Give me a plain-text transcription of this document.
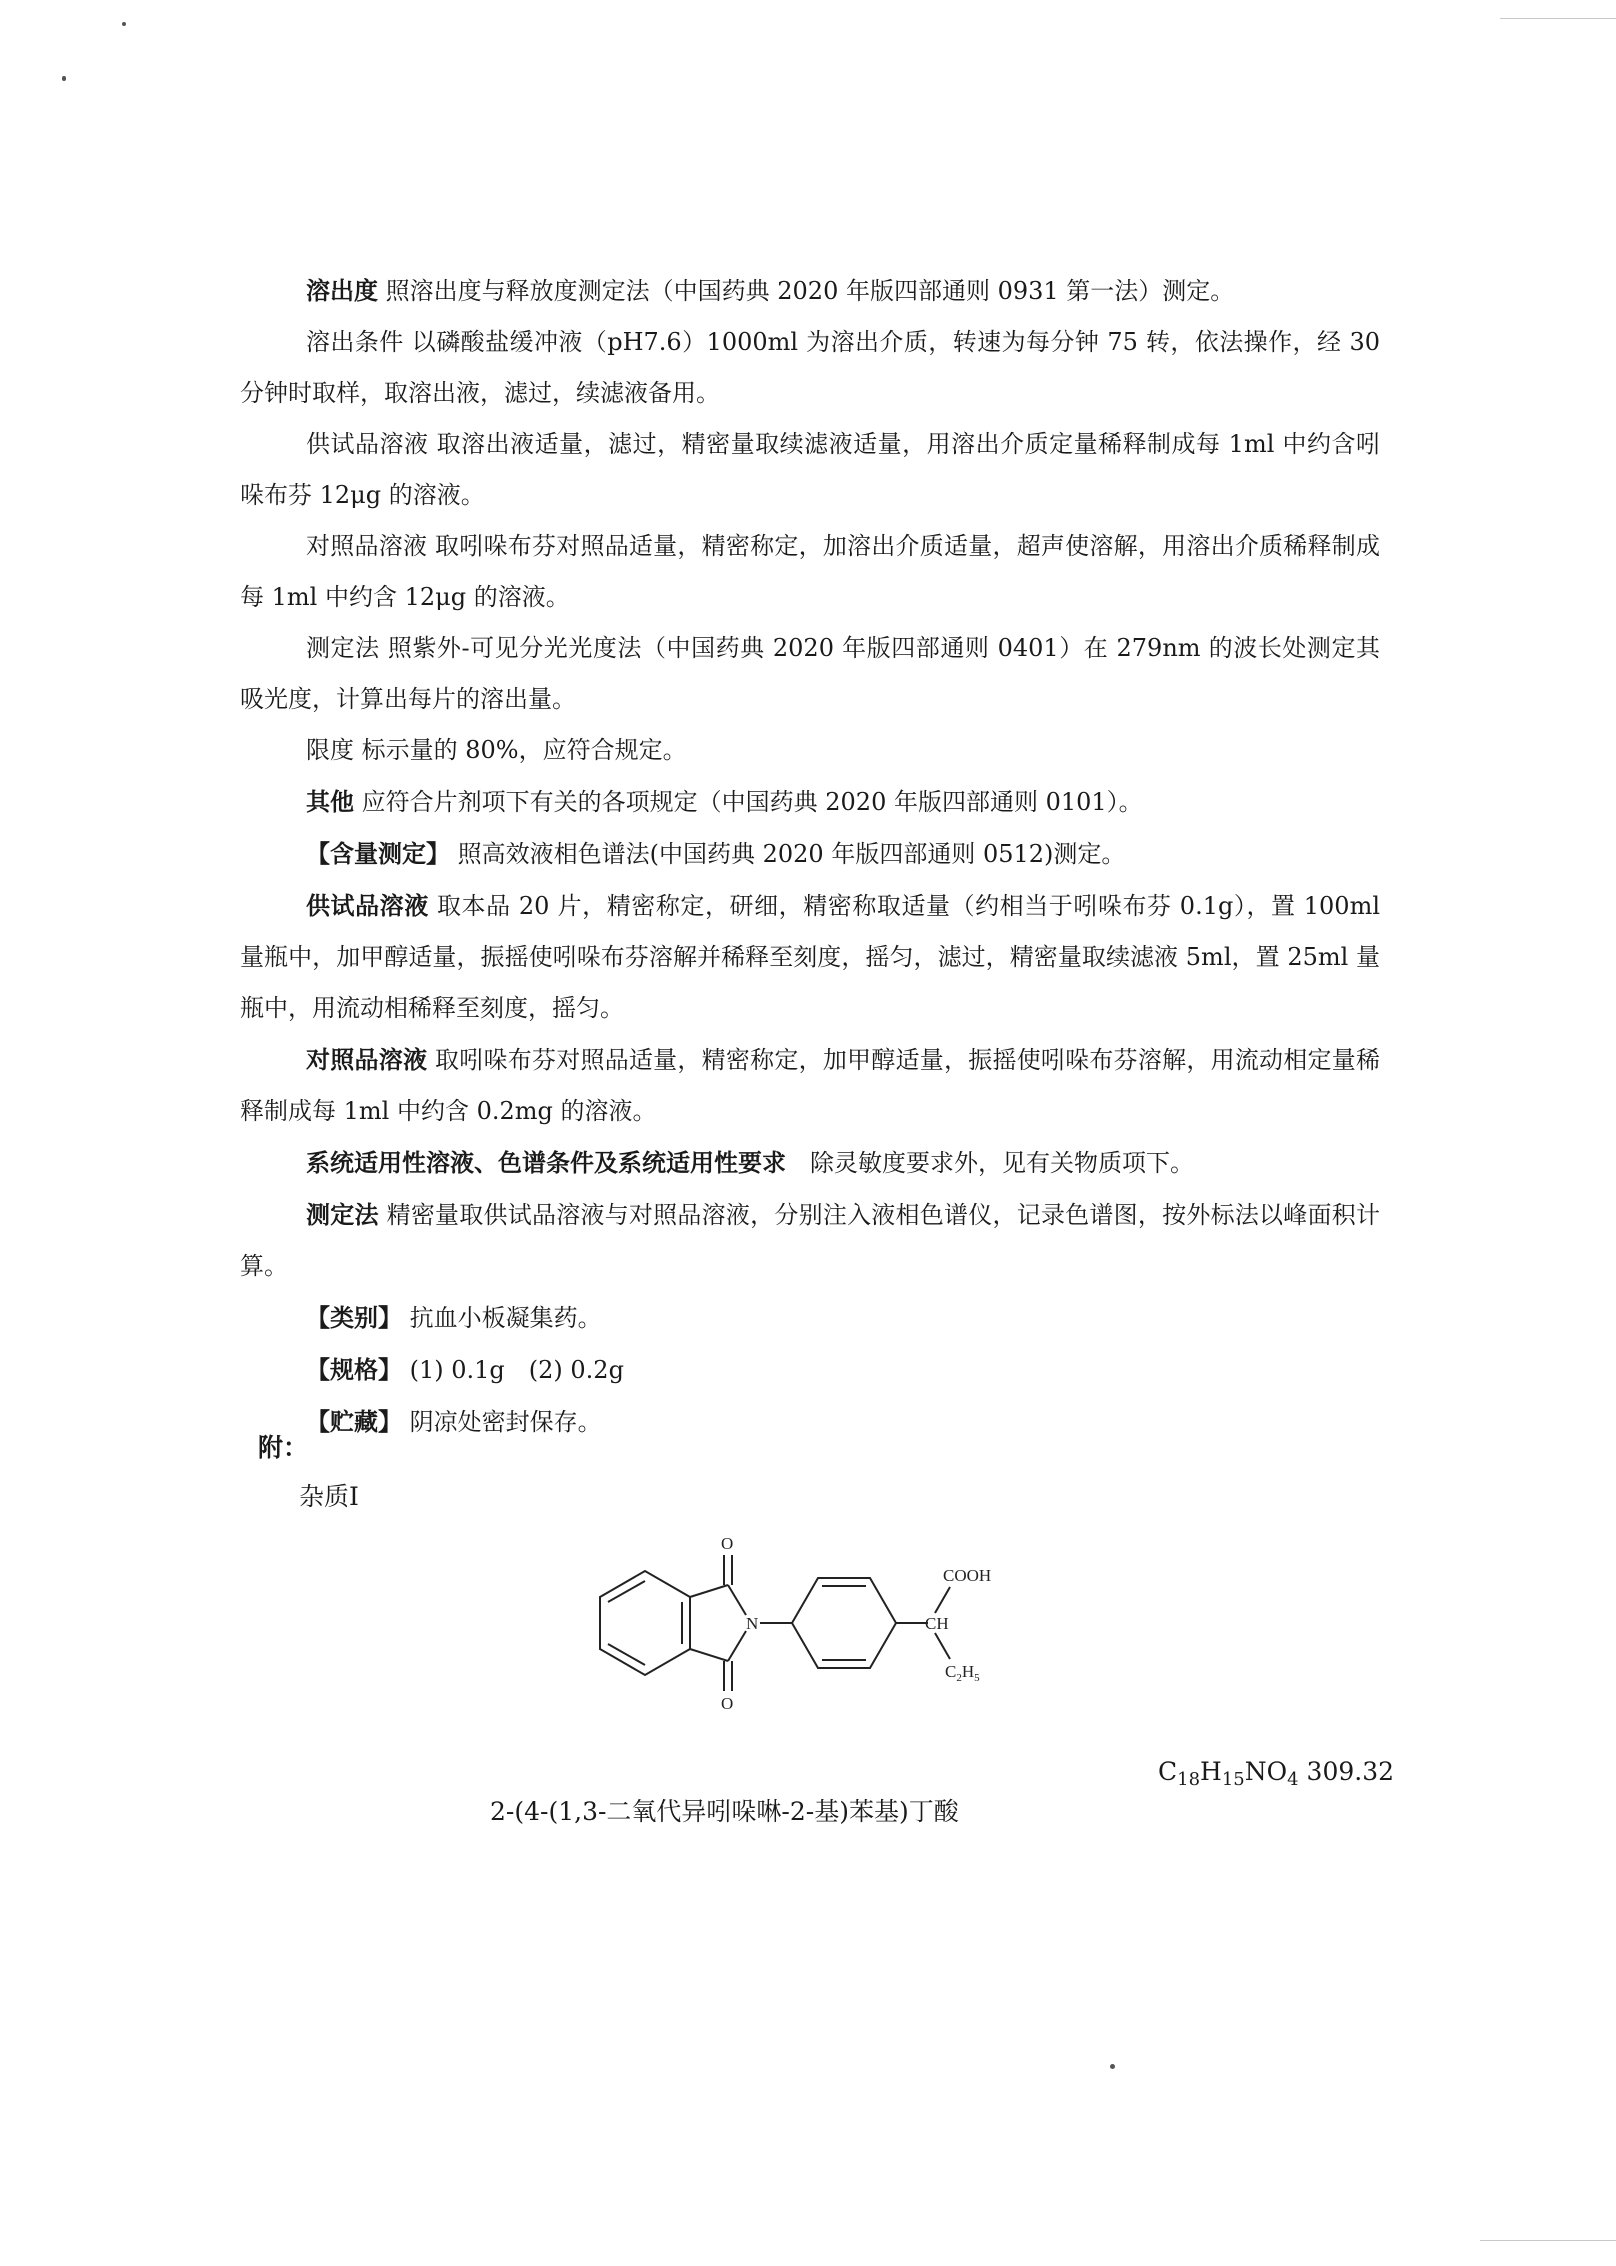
溶出度 照溶出度与释放度测定法（中国药典 2020 年版四部通则 0931 第一法）测定。

溶出条件 以磷酸盐缓冲液（pH7.6）1000ml 为溶出介质，转速为每分钟 75 转，依法操作，经 30 分钟时取样，取溶出液，滤过，续滤液备用。

供试品溶液 取溶出液适量，滤过，精密量取续滤液适量，用溶出介质定量稀释制成每 1ml 中约含吲哚布芬 12μg 的溶液。

对照品溶液 取吲哚布芬对照品适量，精密称定，加溶出介质适量，超声使溶解，用溶出介质稀释制成每 1ml 中约含 12μg 的溶液。

测定法 照紫外-可见分光光度法（中国药典 2020 年版四部通则 0401）在 279nm 的波长处测定其吸光度，计算出每片的溶出量。

限度 标示量的 80%，应符合规定。

其他 应符合片剂项下有关的各项规定（中国药典 2020 年版四部通则 0101）。

【含量测定】 照高效液相色谱法(中国药典 2020 年版四部通则 0512)测定。

供试品溶液 取本品 20 片，精密称定，研细，精密称取适量（约相当于吲哚布芬 0.1g），置 100ml 量瓶中，加甲醇适量，振摇使吲哚布芬溶解并稀释至刻度，摇匀，滤过，精密量取续滤液 5ml，置 25ml 量瓶中，用流动相稀释至刻度，摇匀。

对照品溶液 取吲哚布芬对照品适量，精密称定，加甲醇适量，振摇使吲哚布芬溶解，用流动相定量稀释制成每 1ml 中约含 0.2mg 的溶液。

系统适用性溶液、色谱条件及系统适用性要求　除灵敏度要求外，见有关物质项下。

测定法 精密量取供试品溶液与对照品溶液，分别注入液相色谱仪，记录色谱图，按外标法以峰面积计算。

【类别】 抗血小板凝集药。

【规格】 (1) 0.1g　(2) 0.2g

【贮藏】 阴凉处密封保存。

附：
杂质Ⅰ
O
O
N
COOH
CH
$C_2H_5$
$C_{18}H_{15}NO_4$ 309.32
2-(4-(1,3-二氧代异吲哚啉-2-基)苯基)丁酸
